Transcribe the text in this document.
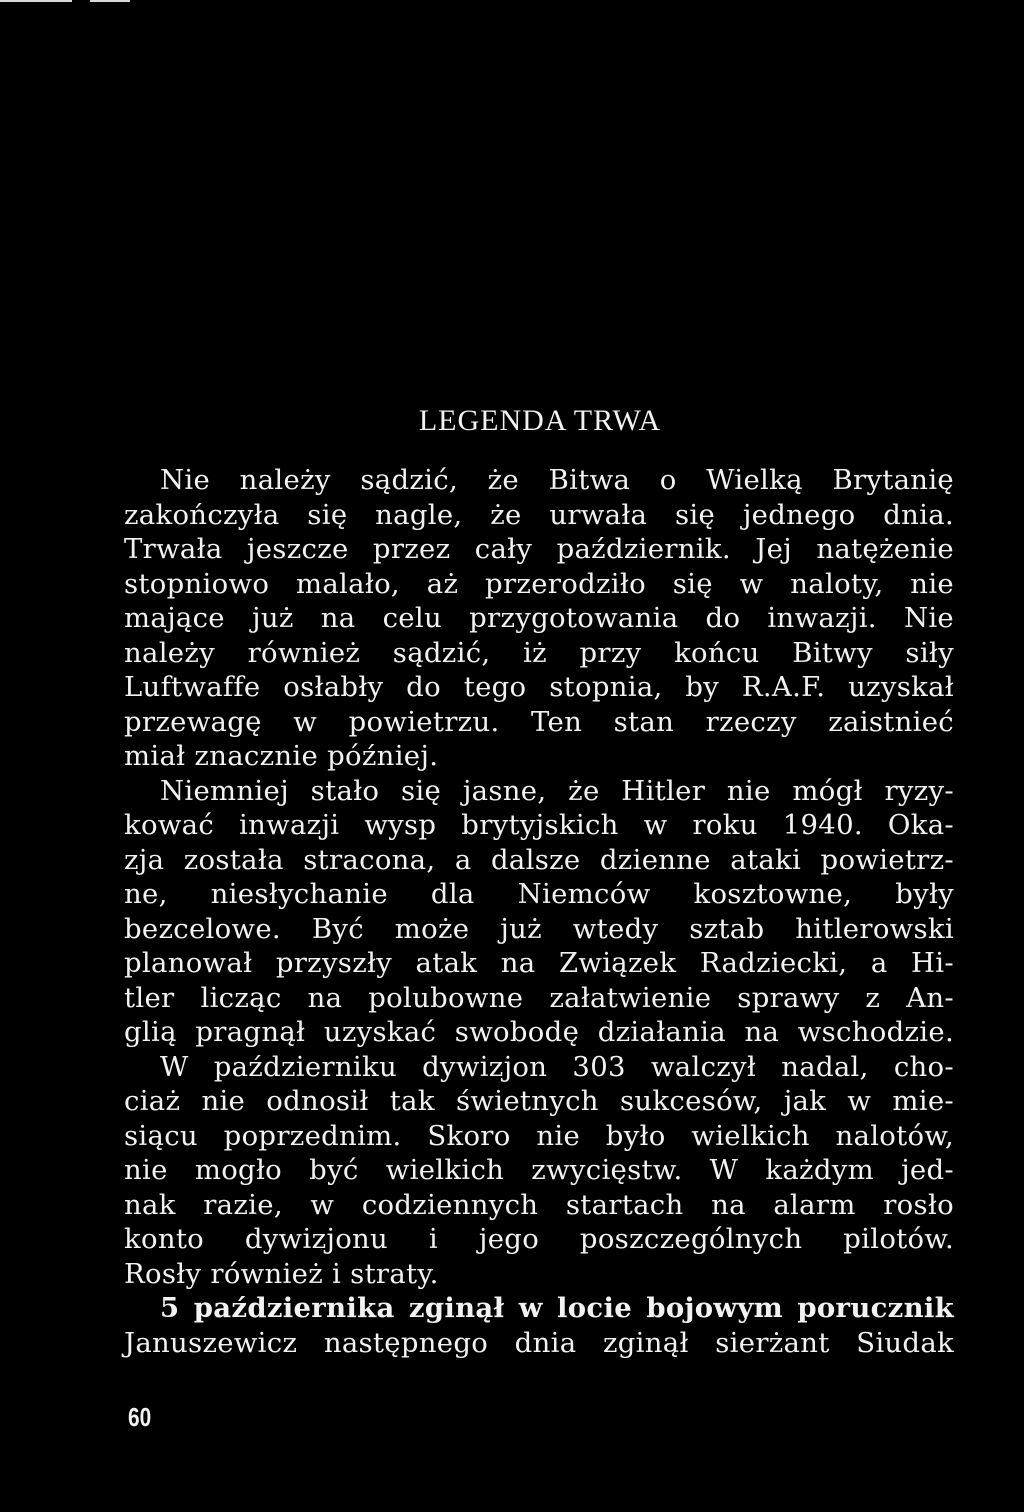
LEGENDA TRWA
Nie należy sądzić, że Bitwa o Wielką Brytanię
zakończyła się nagle, że urwała się jednego dnia.
Trwała jeszcze przez cały październik. Jej natężenie
stopniowo malało, aż przerodziło się w naloty, nie
mające już na celu przygotowania do inwazji. Nie
należy również sądzić, iż przy końcu Bitwy siły
Luftwaffe osłabły do tego stopnia, by R.A.F. uzyskał
przewagę w powietrzu. Ten stan rzeczy zaistnieć
miał znacznie później.
Niemniej stało się jasne, że Hitler nie mógł ryzy-
kować inwazji wysp brytyjskich w roku 1940. Oka-
zja została stracona, a dalsze dzienne ataki powietrz-
ne, niesłychanie dla Niemców kosztowne, były
bezcelowe. Być może już wtedy sztab hitlerowski
planował przyszły atak na Związek Radziecki, a Hi-
tler licząc na polubowne załatwienie sprawy z An-
glią pragnął uzyskać swobodę działania na wschodzie.
W październiku dywizjon 303 walczył nadal, cho-
ciaż nie odnosił tak świetnych sukcesów, jak w mie-
siącu poprzednim. Skoro nie było wielkich nalotów,
nie mogło być wielkich zwycięstw. W każdym jed-
nak razie, w codziennych startach na alarm rosło
konto dywizjonu i jego poszczególnych pilotów.
Rosły również i straty.
5 października zginął w locie bojowym porucznik
Januszewicz następnego dnia zginął sierżant Siudak
60
